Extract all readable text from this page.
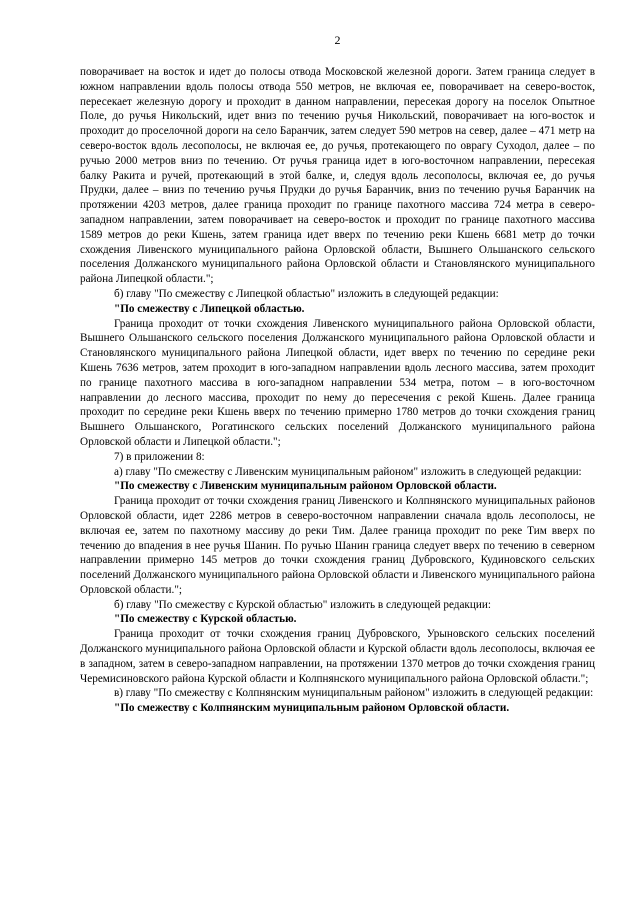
2

поворачивает на восток и идет до полосы отвода Московской железной дороги. Затем граница следует в южном направлении вдоль полосы отвода 550 метров, не включая ее, поворачивает на северо-восток, пересекает железную дорогу и проходит в данном направлении, пересекая дорогу на поселок Опытное Поле, до ручья Никольский, идет вниз по течению ручья Никольский, поворачивает на юго-восток и проходит до проселочной дороги на село Баранчик, затем следует 590 метров на север, далее – 471 метр на северо-восток вдоль лесополосы, не включая ее, до ручья, протекающего по оврагу Суходол, далее – по ручью 2000 метров вниз по течению. От ручья граница идет в юго-восточном направлении, пересекая балку Ракита и ручей, протекающий в этой балке, и, следуя вдоль лесополосы, включая ее, до ручья Прудки, далее – вниз по течению ручья Прудки до ручья Баранчик, вниз по течению ручья Баранчик на протяжении 4203 метров, далее граница проходит по границе пахотного массива 724 метра в северо-западном направлении, затем поворачивает на северо-восток и проходит по границе пахотного массива 1589 метров до реки Кшень, затем граница идет вверх по течению реки Кшень 6681 метр до точки схождения Ливенского муниципального района Орловской области, Вышнего Ольшанского сельского поселения Должанского муниципального района Орловской области и Становлянского муниципального района Липецкой области.";

б) главу "По смежеству с Липецкой областью" изложить в следующей редакции:

"По смежеству с Липецкой областью.

Граница проходит от точки схождения Ливенского муниципального района Орловской области, Вышнего Ольшанского сельского поселения Должанского муниципального района Орловской области и Становлянского муниципального района Липецкой области, идет вверх по течению по середине реки Кшень 7636 метров, затем проходит в юго-западном направлении вдоль лесного массива, затем проходит по границе пахотного массива в юго-западном направлении 534 метра, потом – в юго-восточном направлении до лесного массива, проходит по нему до пересечения с рекой Кшень. Далее граница проходит по середине реки Кшень вверх по течению примерно 1780 метров до точки схождения границ Вышнего Ольшанского, Рогатинского сельских поселений Должанского муниципального района Орловской области и Липецкой области.";

7) в приложении 8:

а) главу "По смежеству с Ливенским муниципальным районом" изложить в следующей редакции:

"По смежеству с Ливенским муниципальным районом Орловской области.

Граница проходит от точки схождения границ Ливенского и Колпнянского муниципальных районов Орловской области, идет 2286 метров в северо-восточном направлении сначала вдоль лесополосы, не включая ее, затем по пахотному массиву до реки Тим. Далее граница проходит по реке Тим вверх по течению до впадения в нее ручья Шанин. По ручью Шанин граница следует вверх по течению в северном направлении примерно 145 метров до точки схождения границ Дубровского, Кудиновского сельских поселений Должанского муниципального района Орловской области и Ливенского муниципального района Орловской области.";

б) главу "По смежеству с Курской областью" изложить в следующей редакции:

"По смежеству с Курской областью.

Граница проходит от точки схождения границ Дубровского, Урыновского сельских поселений Должанского муниципального района Орловской области и Курской области вдоль лесополосы, включая ее в западном, затем в северо-западном направлении, на протяжении 1370 метров до точки схождения границ Черемисиновского района Курской области и Колпнянского муниципального района Орловской области.";

в) главу "По смежеству с Колпнянским муниципальным районом" изложить в следующей редакции:

"По смежеству с Колпнянским муниципальным районом Орловской области.
